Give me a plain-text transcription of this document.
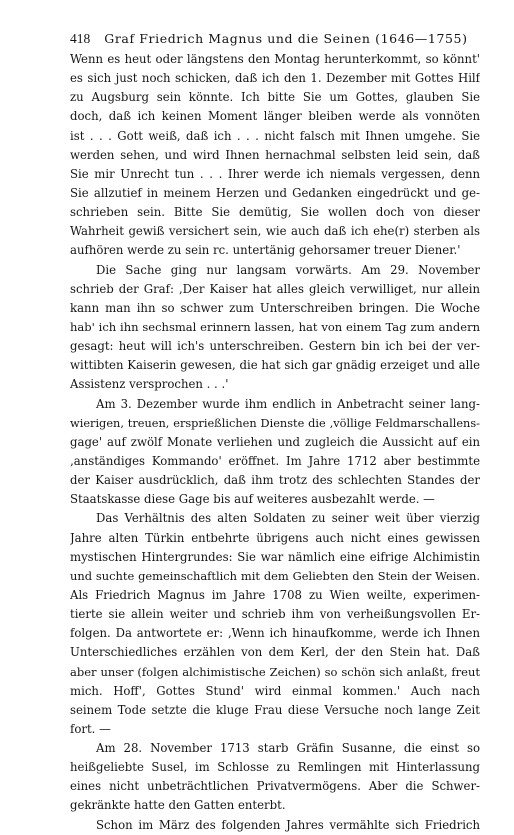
418 Graf Friedrich Magnus und die Seinen (1646—1755)
Wenn es heut oder längstens den Montag herunterkommt, so könnt'
es sich just noch schicken, daß ich den 1. Dezember mit Gottes Hilf
zu Augsburg sein könnte. Ich bitte Sie um Gottes, glauben Sie
doch, daß ich keinen Moment länger bleiben werde als vonnöten
ist . . . Gott weiß, daß ich . . . nicht falsch mit Ihnen umgehe. Sie
werden sehen, und wird Ihnen hernachmal selbsten leid sein, daß
Sie mir Unrecht tun . . . Ihrer werde ich niemals vergessen, denn
Sie allzutief in meinem Herzen und Gedanken eingedrückt und ge-
schrieben sein. Bitte Sie demütig, Sie wollen doch von dieser
Wahrheit gewiß versichert sein, wie auch daß ich ehe(r) sterben als
aufhören werde zu sein rc. untertänig gehorsamer treuer Diener.'
Die Sache ging nur langsam vorwärts. Am 29. November
schrieb der Graf: ‚Der Kaiser hat alles gleich verwilliget, nur allein
kann man ihn so schwer zum Unterschreiben bringen. Die Woche
hab' ich ihn sechsmal erinnern lassen, hat von einem Tag zum andern
gesagt: heut will ich's unterschreiben. Gestern bin ich bei der ver-
wittibten Kaiserin gewesen, die hat sich gar gnädig erzeiget und alle
Assistenz versprochen . . .'
Am 3. Dezember wurde ihm endlich in Anbetracht seiner lang-
wierigen, treuen, ersprießlichen Dienste die ‚völlige Feldmarschallens-
gage' auf zwölf Monate verliehen und zugleich die Aussicht auf ein
‚anständiges Kommando' eröffnet. Im Jahre 1712 aber bestimmte
der Kaiser ausdrücklich, daß ihm trotz des schlechten Standes der
Staatskasse diese Gage bis auf weiteres ausbezahlt werde. —
Das Verhältnis des alten Soldaten zu seiner weit über vierzig
Jahre alten Türkin entbehrte übrigens auch nicht eines gewissen
mystischen Hintergrundes: Sie war nämlich eine eifrige Alchimistin
und suchte gemeinschaftlich mit dem Geliebten den Stein der Weisen.
Als Friedrich Magnus im Jahre 1708 zu Wien weilte, experimen-
tierte sie allein weiter und schrieb ihm von verheißungsvollen Er-
folgen. Da antwortete er: ‚Wenn ich hinaufkomme, werde ich Ihnen
Unterschiedliches erzählen von dem Kerl, der den Stein hat. Daß
aber unser (folgen alchimistische Zeichen) so schön sich anlaßt, freut
mich. Hoff', Gottes Stund' wird einmal kommen.' Auch nach
seinem Tode setzte die kluge Frau diese Versuche noch lange Zeit
fort. —
Am 28. November 1713 starb Gräfin Susanne, die einst so
heißgeliebte Susel, im Schlosse zu Remlingen mit Hinterlassung
eines nicht unbeträchtlichen Privatvermögens. Aber die Schwer-
gekränkte hatte den Gatten enterbt.
Schon im März des folgenden Jahres vermählte sich Friedrich
